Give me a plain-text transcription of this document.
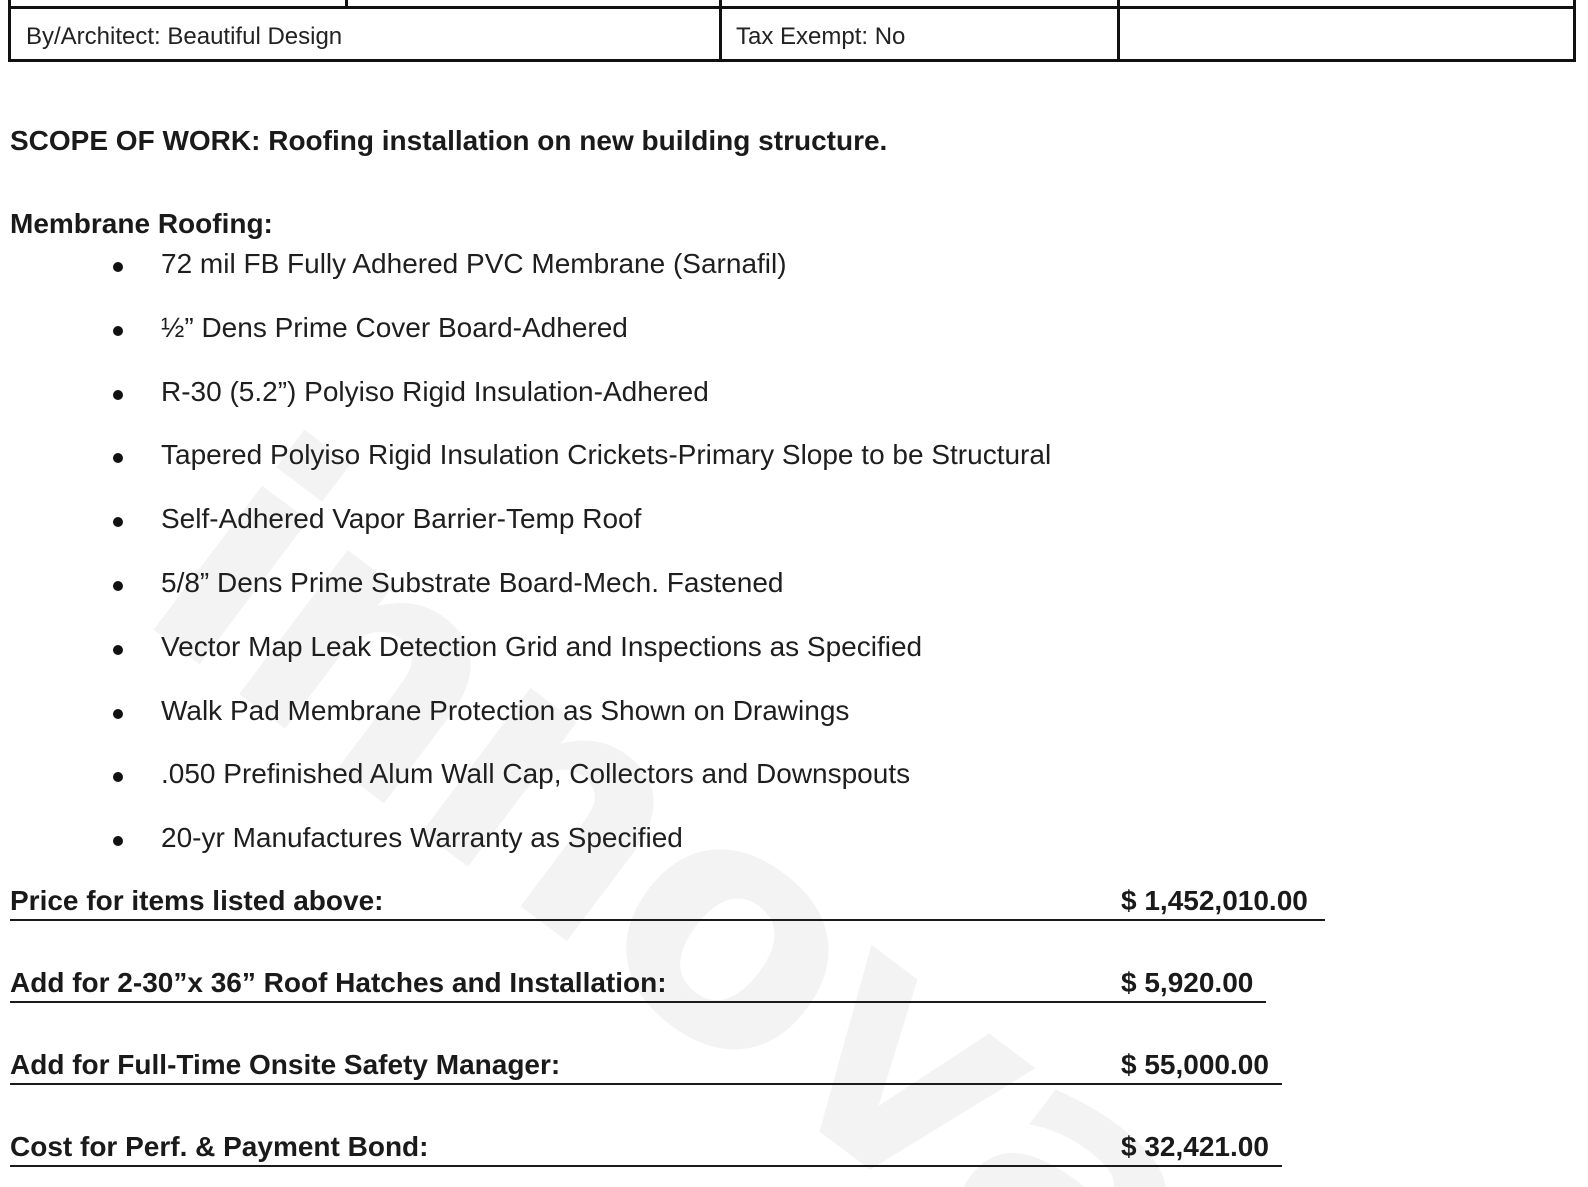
By/Architect: Beautiful Design	Tax Exempt: No
SCOPE OF WORK: Roofing installation on new building structure.
Membrane Roofing:
72 mil FB Fully Adhered PVC Membrane (Sarnafil)
½” Dens Prime Cover Board-Adhered
R-30 (5.2”) Polyiso Rigid Insulation-Adhered
Tapered Polyiso Rigid Insulation Crickets-Primary Slope to be Structural
Self-Adhered Vapor Barrier-Temp Roof
5/8” Dens Prime Substrate Board-Mech. Fastened
Vector Map Leak Detection Grid and Inspections as Specified
Walk Pad Membrane Protection as Shown on Drawings
.050 Prefinished Alum Wall Cap, Collectors and Downspouts
20-yr Manufactures Warranty as Specified
Price for items listed above:	$ 1,452,010.00
Add for 2-30”x 36” Roof Hatches and Installation:	$ 5,920.00
Add for Full-Time Onsite Safety Manager:	$ 55,000.00
Cost for Perf. & Payment Bond:	$ 32,421.00
